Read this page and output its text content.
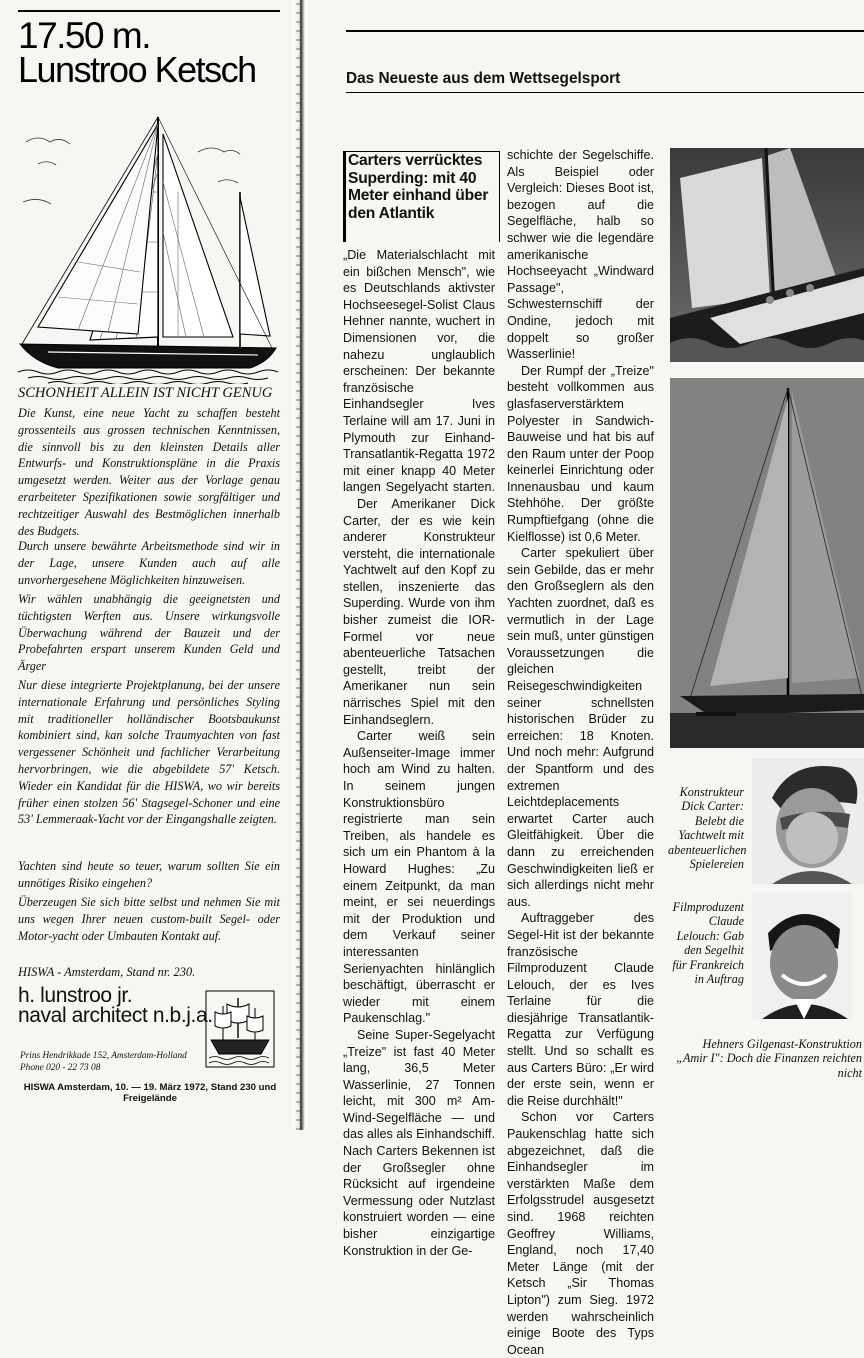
17.50 m.
Lunstroo Ketsch
SCHONHEIT ALLEIN IST NICHT GENUG
Die Kunst, eine neue Yacht zu schaffen besteht grossenteils aus grossen technischen Kenntnissen, die sinnvoll bis zu den kleinsten Details aller Entwurfs- und Konstruktionspläne in die Praxis umgesetzt werden. Weiter aus der Vorlage genau erarbeiteter Spezifikationen sowie sorgfältiger und rechtzeitiger Auswahl des Bestmöglichen innerhalb des Budgets.
Durch unsere bewährte Arbeitsmethode sind wir in der Lage, unsere Kunden auch auf alle unvorhergesehene Möglichkeiten hinzuweisen.
Wir wählen unabhängig die geeignetsten und tüchtigsten Werften aus. Unsere wirkungsvolle Überwachung während der Bauzeit und der Probefahrten erspart unserem Kunden Geld und Ärger
Nur diese integrierte Projektplanung, bei der unsere internationale Erfahrung und persönliches Styling mit traditioneller holländischer Bootsbaukunst kombiniert sind, kan solche Traumyachten von fast vergessener Schönheit und fachlicher Verarbeitung hervorbringen, wie die abgebildete 57' Ketsch. Wieder ein Kandidat für die HISWA, wo wir bereits früher einen stolzen 56' Stagsegel-Schoner und eine 53' Lemmeraak-Yacht vor der Eingangshalle zeigten.
Yachten sind heute so teuer, warum sollten Sie ein unnötiges Risiko eingehen?
Überzeugen Sie sich bitte selbst und nehmen Sie mit uns wegen Ihrer neuen custom-built Segel- oder Motor-yacht oder Umbauten Kontakt auf.
HISWA - Amsterdam, Stand nr. 230.
h. lunstroo jr.
naval architect n.b.j.a.
Prins Hendrikkade 152, Amsterdam-Holland
Phone 020 - 22 73 08
HISWA Amsterdam, 10. — 19. März 1972, Stand 230 und Freigelände
Das Neueste aus dem Wettsegelsport
Carters verrücktes Superding: mit 40 Meter einhand über den Atlantik

„Die Materialschlacht mit ein bißchen Mensch", wie es Deutschlands aktivster Hochseesegel-Solist Claus Hehner nannte, wuchert in Dimensionen vor, die nahezu unglaublich erscheinen: Der bekannte französische Einhandsegler Ives Terlaine will am 17. Juni in Plymouth zur Einhand-Transatlantik-Regatta 1972 mit einer knapp 40 Meter langen Segelyacht starten.

Der Amerikaner Dick Carter, der es wie kein anderer Konstrukteur versteht, die internationale Yachtwelt auf den Kopf zu stellen, inszenierte das Superding. Wurde von ihm bisher zumeist die IOR-Formel vor neue abenteuerliche Tatsachen gestellt, treibt der Amerikaner nun sein närrisches Spiel mit den Einhandseglern.

Carter weiß sein Außenseiter-Image immer hoch am Wind zu halten. In seinem jungen Konstruktionsbüro registrierte man sein Treiben, als handele es sich um ein Phantom à la Howard Hughes: „Zu einem Zeitpunkt, da man meint, er sei neuerdings mit der Produktion und dem Verkauf seiner interessanten Serienyachten hinlänglich beschäftigt, überrascht er wieder mit einem Paukenschlag."

Seine Super-Segelyacht „Treize" ist fast 40 Meter lang, 36,5 Meter Wasserlinie, 27 Tonnen leicht, mit 300 m² Am-Wind-Segelfläche — und das alles als Einhandschiff. Nach Carters Bekennen ist der Großsegler ohne Rücksicht auf irgendeine Vermessung oder Nutzlast konstruiert worden — eine bisher einzigartige Konstruktion in der Ge-

schichte der Segelschiffe. Als Beispiel oder Vergleich: Dieses Boot ist, bezogen auf die Segelfläche, halb so schwer wie die legendäre amerikanische Hochseeyacht „Windward Passage", Schwesternschiff der Ondine, jedoch mit doppelt so großer Wasserlinie!

Der Rumpf der „Treize" besteht vollkommen aus glasfaserverstärktem Polyester in Sandwich-Bauweise und hat bis auf den Raum unter der Poop keinerlei Einrichtung oder Innenausbau und kaum Stehhöhe. Der größte Rumpftiefgang (ohne die Kielflosse) ist 0,6 Meter.

Carter spekuliert über sein Gebilde, das er mehr den Großseglern als den Yachten zuordnet, daß es vermutlich in der Lage sein muß, unter günstigen Voraussetzungen die gleichen Reisegeschwindigkeiten seiner schnellsten historischen Brüder zu erreichen: 18 Knoten. Und noch mehr: Aufgrund der Spantform und des extremen Leichtdeplacements erwartet Carter auch Gleitfähigkeit. Über die dann zu erreichenden Geschwindigkeiten ließ er sich allerdings nicht mehr aus.

Auftraggeber des Segel-Hit ist der bekannte französische Filmproduzent Claude Lelouch, der es Ives Terlaine für die diesjährige Transatlantik-Regatta zur Verfügung stellt. Und so schallt es aus Carters Büro: „Er wird der erste sein, wenn er die Reise durchhält!"

Schon vor Carters Paukenschlag hatte sich abgezeichnet, daß die Einhandsegler im verstärkten Maße dem Erfolgsstrudel ausgesetzt sind. 1968 reichten Geoffrey Williams, England, noch 17,40 Meter Länge (mit der Ketsch „Sir Thomas Lipton") zum Sieg. 1972 werden wahrscheinlich einige Boote des Typs Ocean

Konstrukteur Dick Carter: Belebt die Yachtwelt mit abenteuerlichen Spielereien
Filmproduzent Claude Lelouch: Gab den Segelhit für Frankreich in Auftrag
Hehners Gilgenast-Konstruktion „Amir I": Doch die Finanzen reichten nicht
